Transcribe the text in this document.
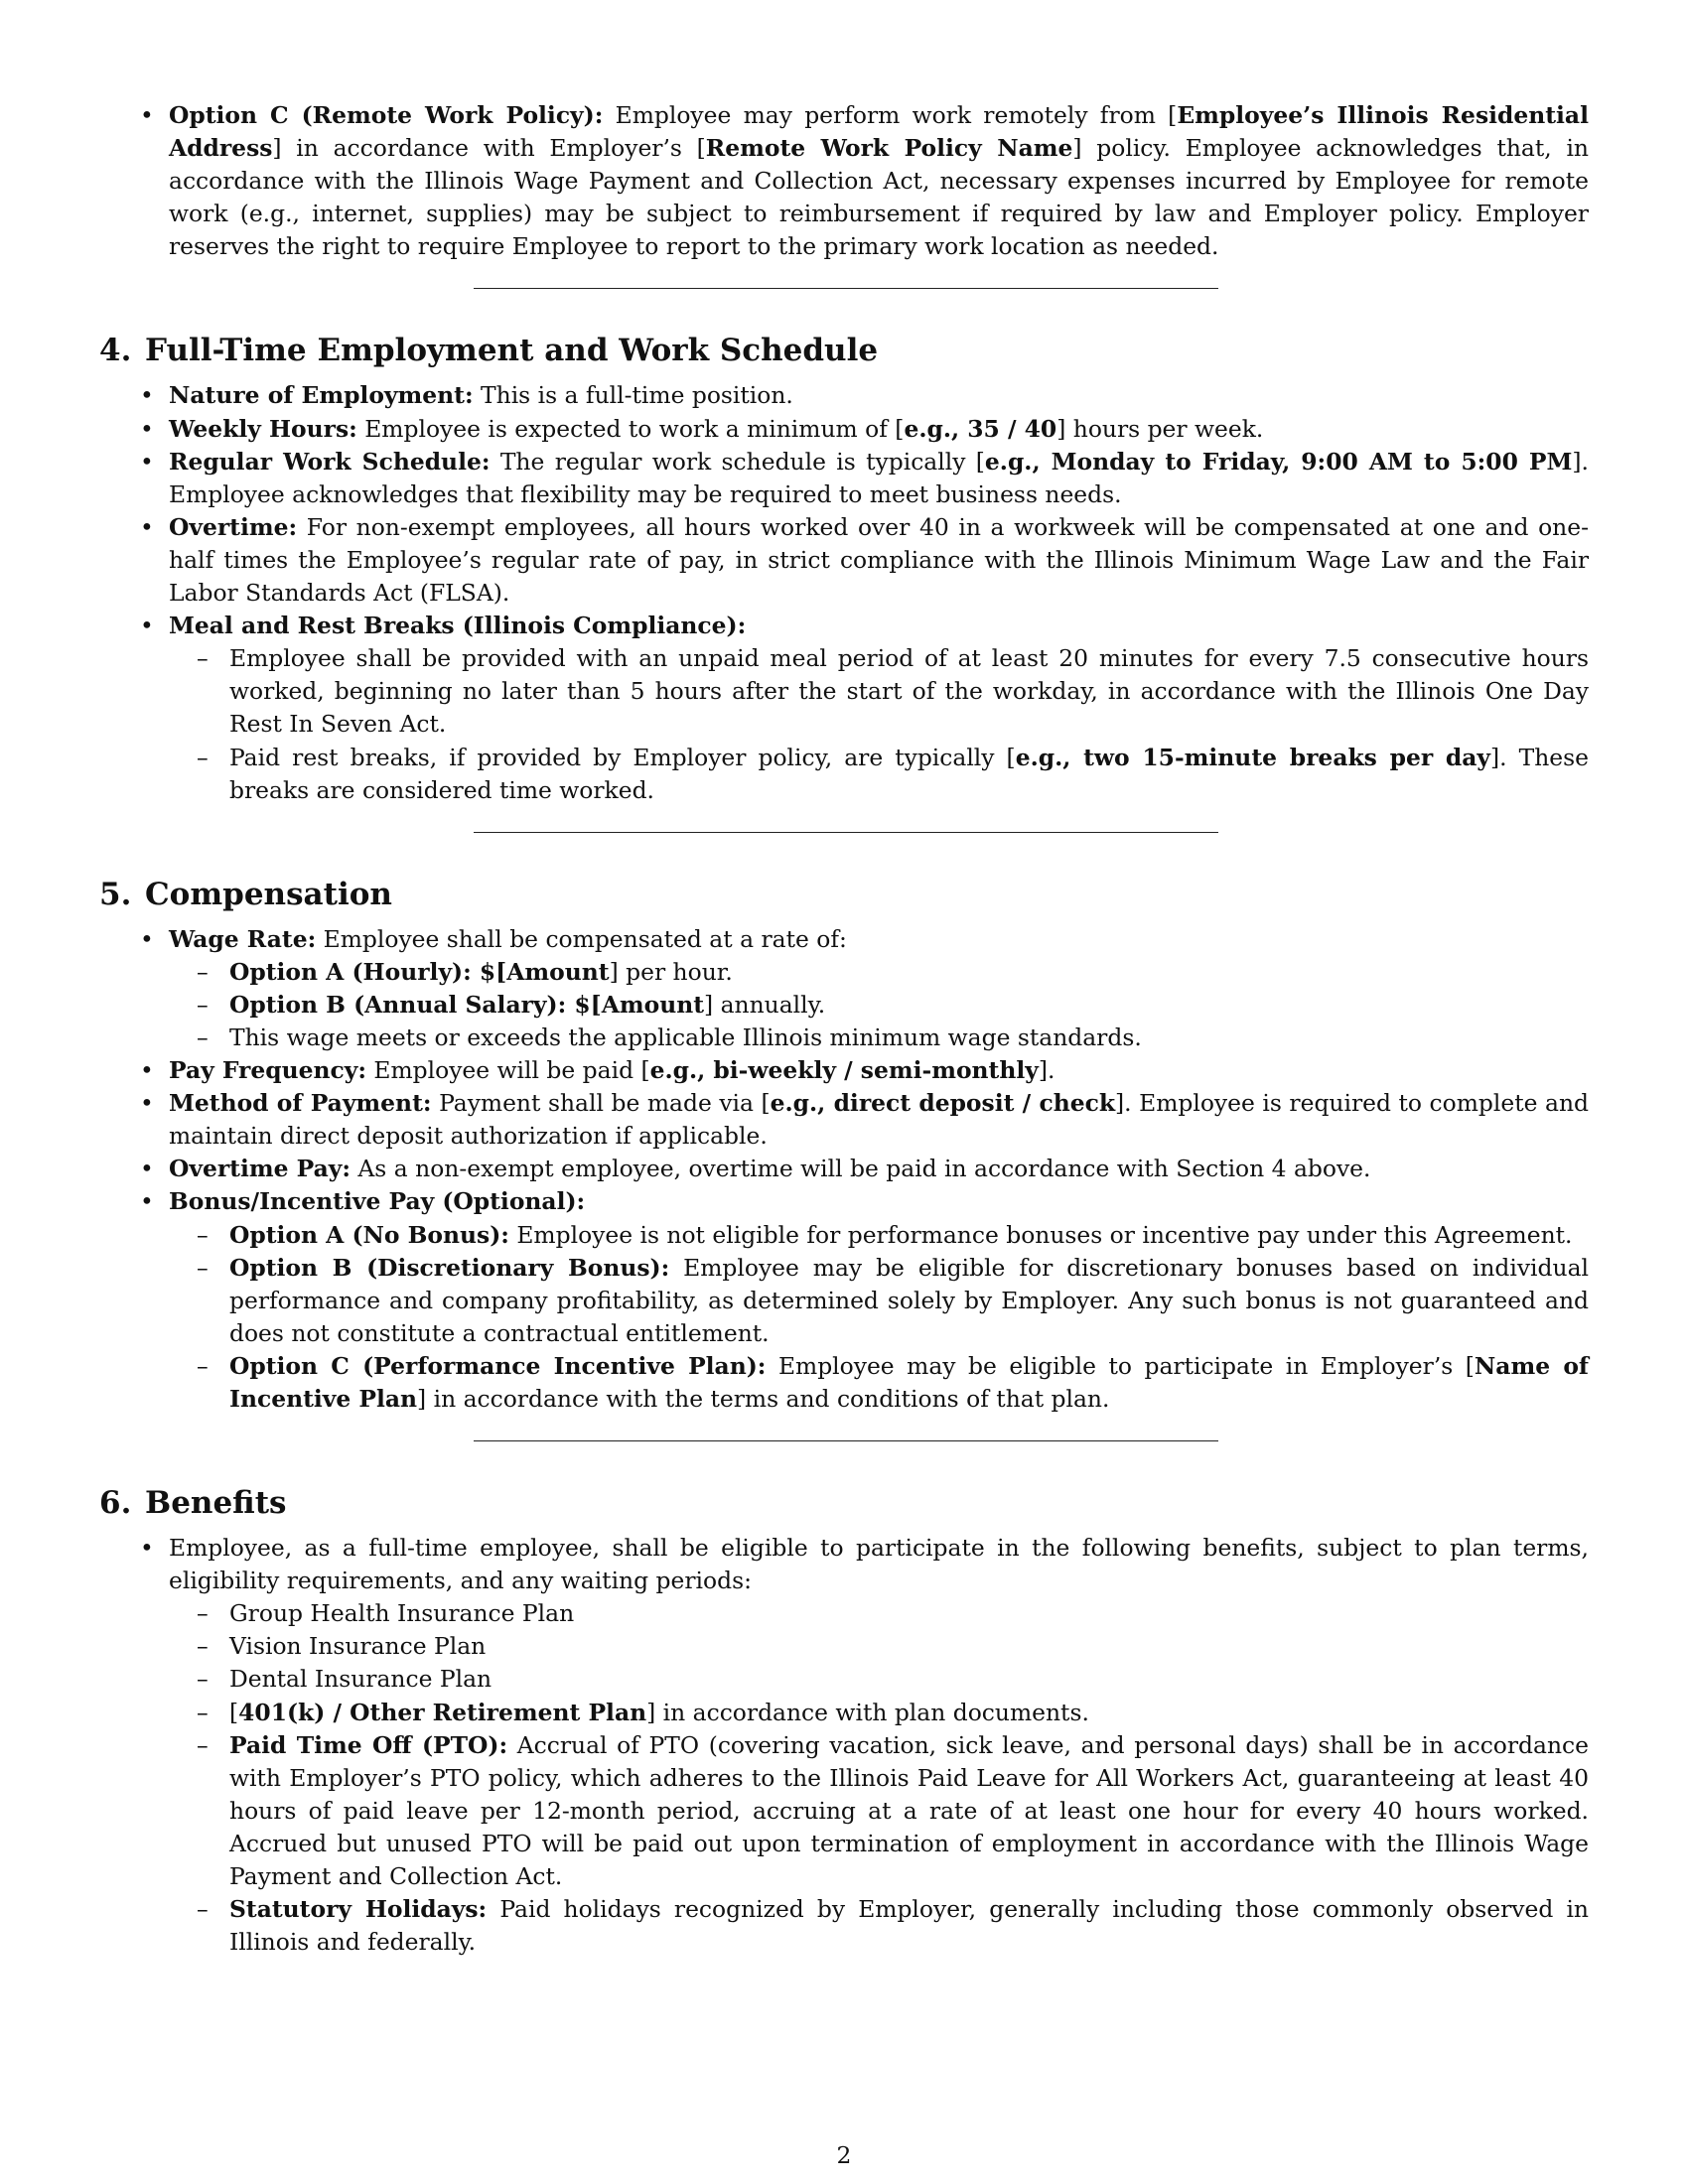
• Option C (Remote Work Policy): Employee may perform work remotely from [Employee’s Illinois Residential Address] in accordance with Employer’s [Remote Work Policy Name] policy. Employee acknowledges that, in accordance with the Illinois Wage Payment and Collection Act, necessary expenses incurred by Employee for remote work (e.g., internet, supplies) may be subject to reimbursement if required by law and Employer policy. Employer reserves the right to require Employee to report to the primary work location as needed.
4. Full-Time Employment and Work Schedule
• Nature of Employment: This is a full-time position.
• Weekly Hours: Employee is expected to work a minimum of [e.g., 35 / 40] hours per week.
• Regular Work Schedule: The regular work schedule is typically [e.g., Monday to Friday, 9:00 AM to 5:00 PM]. Employee acknowledges that flexibility may be required to meet business needs.
• Overtime: For non-exempt employees, all hours worked over 40 in a workweek will be compensated at one and one-half times the Employee’s regular rate of pay, in strict compliance with the Illinois Minimum Wage Law and the Fair Labor Standards Act (FLSA).
• Meal and Rest Breaks (Illinois Compliance):
– Employee shall be provided with an unpaid meal period of at least 20 minutes for every 7.5 consecutive hours worked, beginning no later than 5 hours after the start of the workday, in accordance with the Illinois One Day Rest In Seven Act.
– Paid rest breaks, if provided by Employer policy, are typically [e.g., two 15-minute breaks per day]. These breaks are considered time worked.
5. Compensation
• Wage Rate: Employee shall be compensated at a rate of:
– Option A (Hourly): $[Amount] per hour.
– Option B (Annual Salary): $[Amount] annually.
– This wage meets or exceeds the applicable Illinois minimum wage standards.
• Pay Frequency: Employee will be paid [e.g., bi-weekly / semi-monthly].
• Method of Payment: Payment shall be made via [e.g., direct deposit / check]. Employee is required to complete and maintain direct deposit authorization if applicable.
• Overtime Pay: As a non-exempt employee, overtime will be paid in accordance with Section 4 above.
• Bonus/Incentive Pay (Optional):
– Option A (No Bonus): Employee is not eligible for performance bonuses or incentive pay under this Agreement.
– Option B (Discretionary Bonus): Employee may be eligible for discretionary bonuses based on individual performance and company profitability, as determined solely by Employer. Any such bonus is not guaranteed and does not constitute a contractual entitlement.
– Option C (Performance Incentive Plan): Employee may be eligible to participate in Employer’s [Name of Incentive Plan] in accordance with the terms and conditions of that plan.
6. Benefits
• Employee, as a full-time employee, shall be eligible to participate in the following benefits, subject to plan terms, eligibility requirements, and any waiting periods:
– Group Health Insurance Plan
– Vision Insurance Plan
– Dental Insurance Plan
– [401(k) / Other Retirement Plan] in accordance with plan documents.
– Paid Time Off (PTO): Accrual of PTO (covering vacation, sick leave, and personal days) shall be in accordance with Employer’s PTO policy, which adheres to the Illinois Paid Leave for All Workers Act, guaranteeing at least 40 hours of paid leave per 12-month period, accruing at a rate of at least one hour for every 40 hours worked. Accrued but unused PTO will be paid out upon termination of employment in accordance with the Illinois Wage Payment and Collection Act.
– Statutory Holidays: Paid holidays recognized by Employer, generally including those commonly observed in Illinois and federally.
2
